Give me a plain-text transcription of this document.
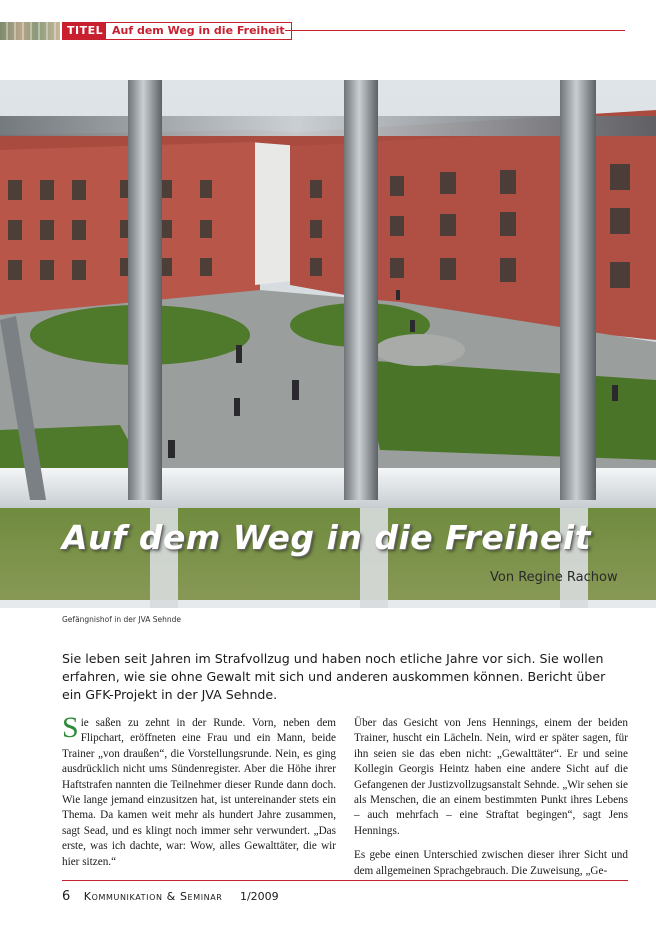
TITEL Auf dem Weg in die Freiheit
Auf dem Weg in die Freiheit
Von Regine Rachow
Gefängnishof in der JVA Sehnde
Sie leben seit Jahren im Strafvollzug und haben noch etliche Jahre vor sich. Sie wollen erfahren, wie sie ohne Gewalt mit sich und anderen auskommen können. Bericht über ein GFK-Projekt in der JVA Sehnde.

Sie saßen zu zehnt in der Runde. Vorn, neben dem Flipchart, eröffneten eine Frau und ein Mann, beide Trainer „von draußen“, die Vorstellungsrunde. Nein, es ging ausdrücklich nicht ums Sündenregister. Aber die Höhe ihrer Haftstrafen nannten die Teilnehmer dieser Runde dann doch. Wie lange jemand einzusitzen hat, ist untereinander stets ein Thema. Da kamen weit mehr als hundert Jahre zusammen, sagt Sead, und es klingt noch immer sehr verwundert. „Das erste, was ich dachte, war: Wow, alles Gewalttäter, die wir hier sitzen.“

Über das Gesicht von Jens Hennings, einem der beiden Trainer, huscht ein Lächeln. Nein, wird er später sagen, für ihn seien sie das eben nicht: „Gewalttäter“. Er und seine Kollegin Georgis Heintz haben eine andere Sicht auf die Gefangenen der Justizvollzugsanstalt Sehnde. „Wir sehen sie als Menschen, die an einem bestimmten Punkt ihres Lebens – auch mehrfach – eine Straftat begingen“, sagt Jens Hennings.

Es gebe einen Unterschied zwischen dieser ihrer Sicht und dem allgemeinen Sprachgebrauch. Die Zuweisung, „Ge-

6 Kommunikation & Seminar 1/2009
